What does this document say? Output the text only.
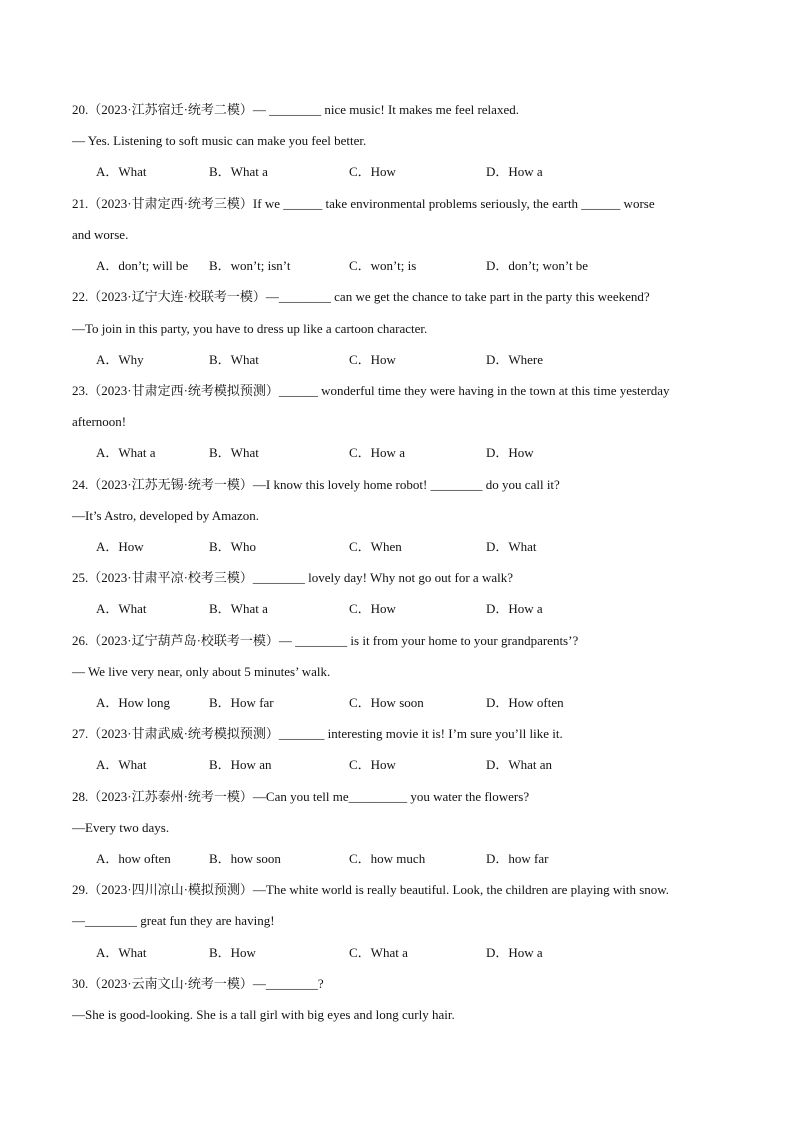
20.（2023·江苏宿迁·统考二模）— ________ nice music! It makes me feel relaxed.
— Yes. Listening to soft music can make you feel better.
A．What	B．What a	C．How	D．How a
21.（2023·甘肃定西·统考三模）If we ______ take environmental problems seriously, the earth ______ worse
and worse.
A．don’t; will be B．won’t; isn’t	C．won’t; is	D．don’t; won’t be
22.（2023·辽宁大连·校联考一模）—________ can we get the chance to take part in the party this weekend?
—To join in this party, you have to dress up like a cartoon character.
A．Why	B．What	C．How	D．Where
23.（2023·甘肃定西·统考模拟预测）______ wonderful time they were having in the town at this time yesterday
afternoon!
A．What a	B．What	C．How a	D．How
24.（2023·江苏无锡·统考一模）—I know this lovely home robot! ________ do you call it?
—It’s Astro, developed by Amazon.
A．How	B．Who	C．When	D．What
25.（2023·甘肃平凉·校考三模）________ lovely day! Why not go out for a walk?
A．What	B．What a	C．How	D．How a
26.（2023·辽宁葫芦岛·校联考一模）— ________ is it from your home to your grandparents’?
— We live very near, only about 5 minutes’ walk.
A．How long	B．How far	C．How soon	D．How often
27.（2023·甘肃武威·统考模拟预测）_______ interesting movie it is! I’m sure you’ll like it.
A．What	B．How an	C．How	D．What an
28.（2023·江苏泰州·统考一模）—Can you tell me_________ you water the flowers?
—Every two days.
A．how often	B．how soon	C．how much	D．how far
29.（2023·四川凉山·模拟预测）—The white world is really beautiful. Look, the children are playing with snow.
—________ great fun they are having!
A．What	B．How	C．What a	D．How a
30.（2023·云南文山·统考一模）—________?
—She is good-looking. She is a tall girl with big eyes and long curly hair.
